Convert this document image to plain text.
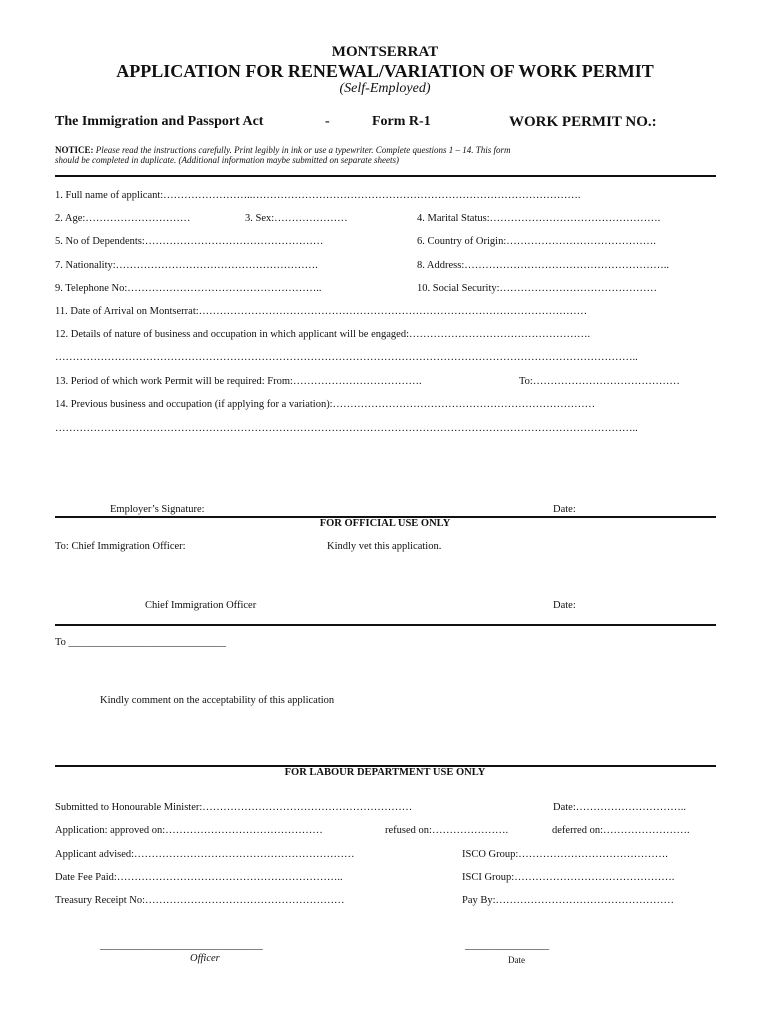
MONTSERRAT
APPLICATION FOR RENEWAL/VARIATION OF WORK PERMIT
(Self-Employed)
The Immigration and Passport Act	-	Form R-1	WORK PERMIT NO.:
NOTICE: Please read the instructions carefully. Print legibly in ink or use a typewriter. Complete questions 1 – 14. This form
should be completed in duplicate. (Additional information maybe submitted on separate sheets)
1. Full name of applicant:……………………..………………………………………………………………………………….
2. Age:…………………………	3. Sex:…………………	4. Marital Status:………………………………………….
5. No of Dependents:……………………………………………	6. Country of Origin:…………………………………….
7. Nationality:………………………………………………….	8. Address:…………………………………………………..
9. Telephone No:………………………………………………..	10. Social Security:………………………………………
11. Date of Arrival on Montserrat:…………………………………………………………………………………………………
12. Details of nature of business and occupation in which applicant will be engaged:…………………………………………….
…………………………………………………………………………………………………………………………………………………..
13. Period of which work Permit will be required: From:……………………………….	To:……………………………………
14. Previous business and occupation (if applying for a variation):…………………………………………………………………
…………………………………………………………………………………………………………………………………………………..
Employer’s Signature:	Date:
FOR OFFICIAL USE ONLY
To: Chief Immigration Officer:	Kindly vet this application.
Chief Immigration Officer	Date:
To ______________________________
Kindly comment on the acceptability of this application
FOR LABOUR DEPARTMENT USE ONLY
Submitted to Honourable Minister:……………………………………………………	Date:…………………………..
Application: approved on:………………………………………	refused on:………………….	deferred on:…………………….
Applicant advised:………………………………………………………	ISCO Group:…………………………………….
Date Fee Paid:………………………………………………………..	ISCI Group:……………………………………….
Treasury Receipt No:…………………………………………………	Pay By:……………………………………………
_______________________________
Officer
________________
Date
